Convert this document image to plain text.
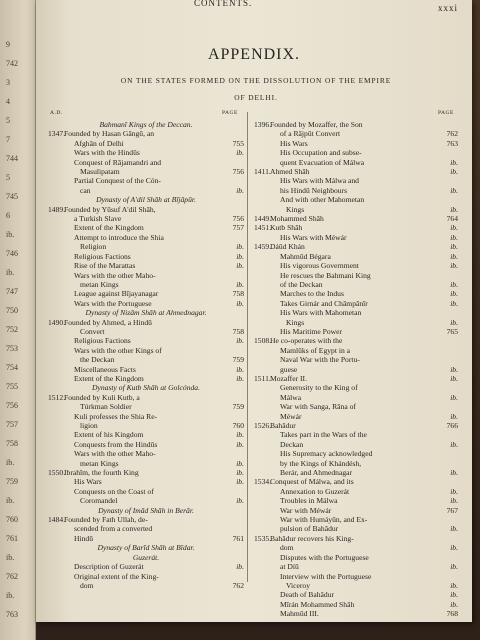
9
742
3
4
5
7
744
5
745
6
ib.
746
ib.
747
750
752
753
754
755
756
757
758
ib.
759
ib.
760
761
ib.
762
ib.
763
CONTENTS.	xxxi
APPENDIX.
ON THE STATES FORMED ON THE DISSOLUTION OF THE EMPIRE
OF DELHI.
A.D.	PAGE	PAGE
Bahmanī Kings of the Deccan.
1347.
Founded by Hasan Gāngū, an
Afghān of Delhi	755
Wars with the Hindūs	ib.
Conquest of Rājamandri and
Masulipatam	756
Partial Conquest of the Cón-
can	ib.
Dynasty of A'dil Shāh at Bījāpūr.
1489.
Founded by Yūsuf A'dil Shāh,
a Turkish Slave	756
Extent of the Kingdom	757
Attempt to introduce the Shia
Religion	ib.
Religious Factions	ib.
Rise of the Marattas	ib.
Wars with the other Maho-
metan Kings	ib.
League against Bījayanagar	758
Wars with the Portuguese	ib.
Dynasty of Nizām Shāh at Ahmednagar.
1490.
Founded by Ahmed, a Hindū
Convert	758
Religious Factions	ib.
Wars with the other Kings of
the Deckan	759
Miscellaneous Facts	ib.
Extent of the Kingdom	ib.
Dynasty of Kutb Shāh at Golcónda.
1512.
Founded by Kuli Kutb, a
Túrkman Soldier	759
Kuli professes the Shia Re-
ligion	760
Extent of his Kingdom	ib.
Conquests from the Hindūs	ib.
Wars with the other Maho-
metan Kings	ib.
1550.
Ibrahīm, the fourth King	ib.
His Wars	ib.
Conquests on the Coast of
Coromandel	ib.
Dynasty of Imād Shāh in Berār.
1484.
Founded by Fath Ullah, de-
scended from a converted
Hindū	761
Dynasty of Barīd Shāh at Bīdar.
Guzerát.
Description of Guzerát	ib.
Original extent of the King-
dom	762
1396.
Founded by Mozaffer, the Son
of a Rājpūt Convert	762
His Wars	763
His Occupation and subse-
quent Evacuation of Málwa	ib.
1411. Ahmed Shāh	ib.
His Wars with Málwa and
his Hindū Neighbours	ib.
And with other Mahometan
Kings	ib.
1449.
Mohammed Shāh	764
1451.
Kutb Shāh	ib.
His Wars with Méwár	ib.
1459.
Dáūd Khán	ib.
Mahmūd Bégara	ib.
His vigorous Government	ib.
He rescues the Bahmani King
of the Deckan	ib.
Marches to the Indus	ib.
Takes Girnár and Chāmpānīr	ib.
His Wars with Mahometan
Kings	ib.
His Maritime Power	765
1508.
He co-operates with the
Mamlūks of Egypt in a
Naval War with the Portu-
guese	ib.
1511. Mozaffer II.	ib.
Generosity to the King of
Málwa	ib.
War with Sanga, Rāna of
Méwár	ib.
1526.
Bahādur	766
Takes part in the Wars of the
Deckan	ib.
His Supremacy acknowledged
by the Kings of Khándésh,
Berár, and Ahmednagar	ib.
1534.
Conquest of Málwa, and its
Annexation to Guzerát	ib.
Troubles in Málwa	ib.
War with Méwár	767
War with Humáyūn, and Ex-
pulsion of Bahādur	ib.
1535.
Bahādur recovers his King-
dom	ib.
Disputes with the Portuguese
at Díū	ib.
Interview with the Portuguese
Viceroy	ib.
Death of Bahādur	ib.
Mīrán Mohammed Shāh	ib.
Mahmūd III.	768
